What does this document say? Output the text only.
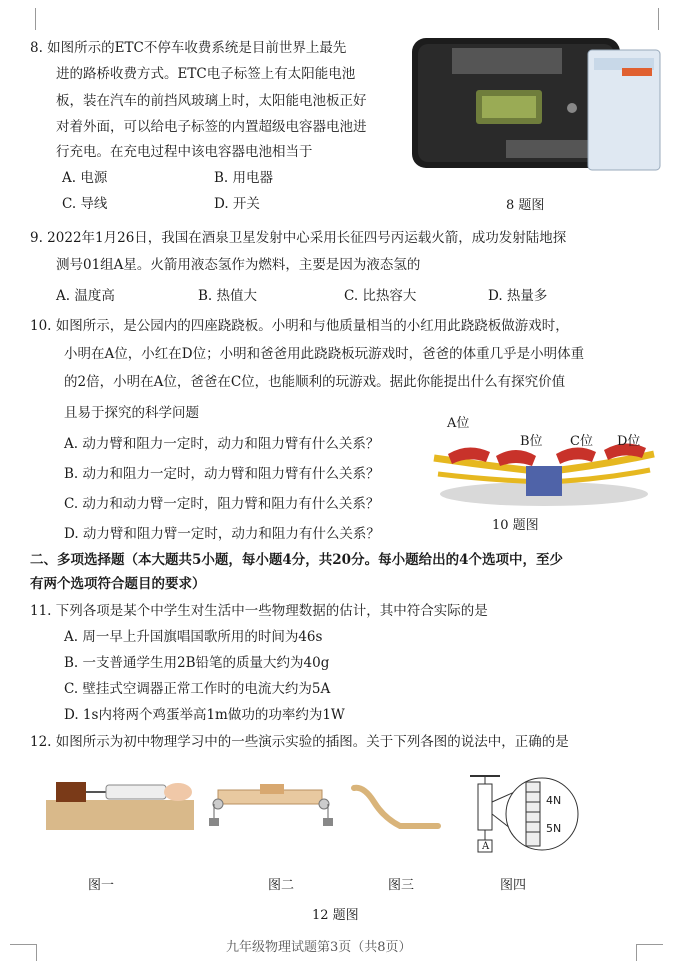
8. 如图所示的ETC不停车收费系统是目前世界上最先
进的路桥收费方式。ETC电子标签上有太阳能电池
板，装在汽车的前挡风玻璃上时，太阳能电池板正好
对着外面，可以给电子标签的内置超级电容器电池进
行充电。在充电过程中该电容器电池相当于
A. 电源	B. 用电器
C. 导线	D. 开关	8 题图
9. 2022年1月26日，我国在酒泉卫星发射中心采用长征四号丙运载火箭，成功发射陆地探
测号01组A星。火箭用液态氢作为燃料，主要是因为液态氢的
A. 温度高	B. 热值大	C. 比热容大	D. 热量多
10. 如图所示，是公园内的四座跷跷板。小明和与他质量相当的小红用此跷跷板做游戏时，
小明在A位，小红在D位；小明和爸爸用此跷跷板玩游戏时，爸爸的体重几乎是小明体重
的2倍，小明在A位，爸爸在C位，也能顺利的玩游戏。据此你能提出什么有探究价值
且易于探究的科学问题
A. 动力臂和阻力一定时，动力和阻力臂有什么关系？
B. 动力和阻力一定时，动力臂和阻力臂有什么关系？
C. 动力和动力臂一定时，阻力臂和阻力有什么关系？
D. 动力臂和阻力臂一定时，动力和阻力有什么关系？
A位
B位 C位 D位
10 题图
二、多项选择题（本大题共5小题，每小题4分，共20分。每小题给出的4个选项中，至少
有两个选项符合题目的要求）
11. 下列各项是某个中学生对生活中一些物理数据的估计，其中符合实际的是
A. 周一早上升国旗唱国歌所用的时间为46s
B. 一支普通学生用2B铅笔的质量大约为40g
C. 壁挂式空调器正常工作时的电流大约为5A
D. 1s内将两个鸡蛋举高1m做功的功率约为1W
12. 如图所示为初中物理学习中的一些演示实验的插图。关于下列各图的说法中，正确的是
图一	图二	图三
A
4N
5N
图四
12 题图
九年级物理试题第3页（共8页）
